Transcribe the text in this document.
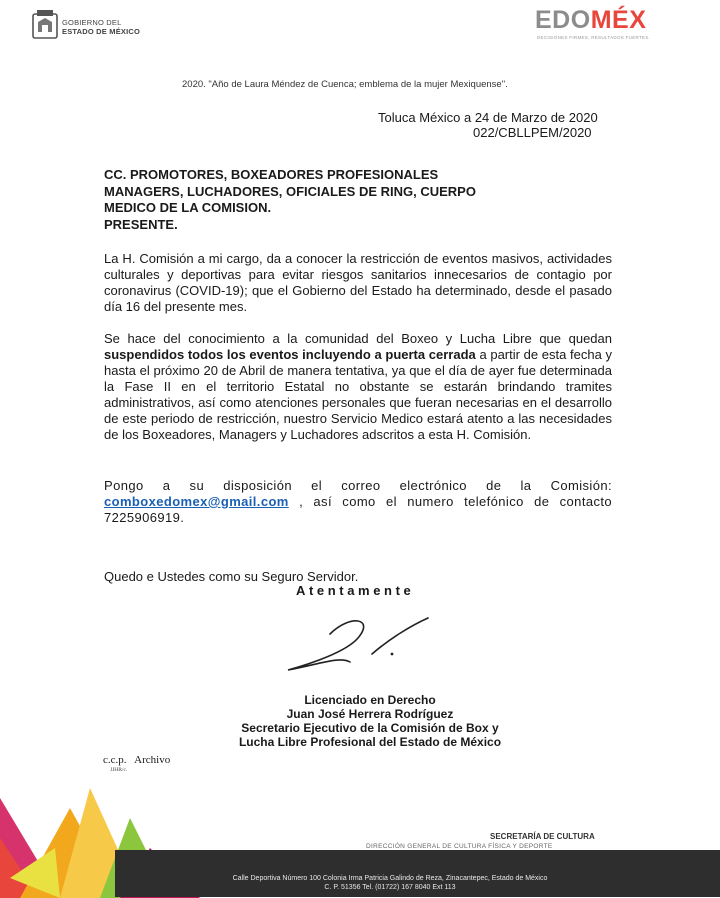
GOBIERNO DEL
ESTADO DE MÉXICO	EDOMÉX
DECISIONES FIRMES, RESULTADOS FUERTES.
2020. "Año de Laura Méndez de Cuenca; emblema de la mujer Mexiquense".
Toluca México a 24 de Marzo de 2020
022/CBLLPEM/2020
CC. PROMOTORES, BOXEADORES PROFESIONALES
MANAGERS, LUCHADORES, OFICIALES DE RING, CUERPO
MEDICO DE LA COMISION.
PRESENTE.
La H. Comisión a mi cargo, da a conocer la restricción de eventos masivos, actividades culturales y deportivas para evitar riesgos sanitarios innecesarios de contagio por coronavirus (COVID-19); que el Gobierno del Estado ha determinado, desde el pasado día 16 del presente mes.
Se hace del conocimiento a la comunidad del Boxeo y Lucha Libre que quedan suspendidos todos los eventos incluyendo a puerta cerrada a partir de esta fecha y hasta el próximo 20 de Abril de manera tentativa, ya que el día de ayer fue determinada la Fase II en el territorio Estatal no obstante se estarán brindando tramites administrativos, así como atenciones personales que fueran necesarias en el desarrollo de este periodo de restricción, nuestro Servicio Medico estará atento a las necesidades de los Boxeadores, Managers y Luchadores adscritos a esta H. Comisión.
Pongo a su disposición el correo electrónico de la Comisión: comboxedomex@gmail.com , así como el numero telefónico de contacto 7225906919.
Quedo e Ustedes como su Seguro Servidor.
Atentamente
Licenciado en Derecho
Juan José Herrera Rodríguez
Secretario Ejecutivo de la Comisión de Box y
Lucha Libre Profesional del Estado de México
c.c.p.   Archivo
JJHR/c.
SECRETARÍA DE CULTURA
DIRECCIÓN GENERAL DE CULTURA FÍSICA Y DEPORTE
Calle Deportiva Número 100 Colonia Irma Patricia Galindo de Reza, Zinacantepec, Estado de México
C. P. 51356 Tel. (01722) 167 8040 Ext 113
